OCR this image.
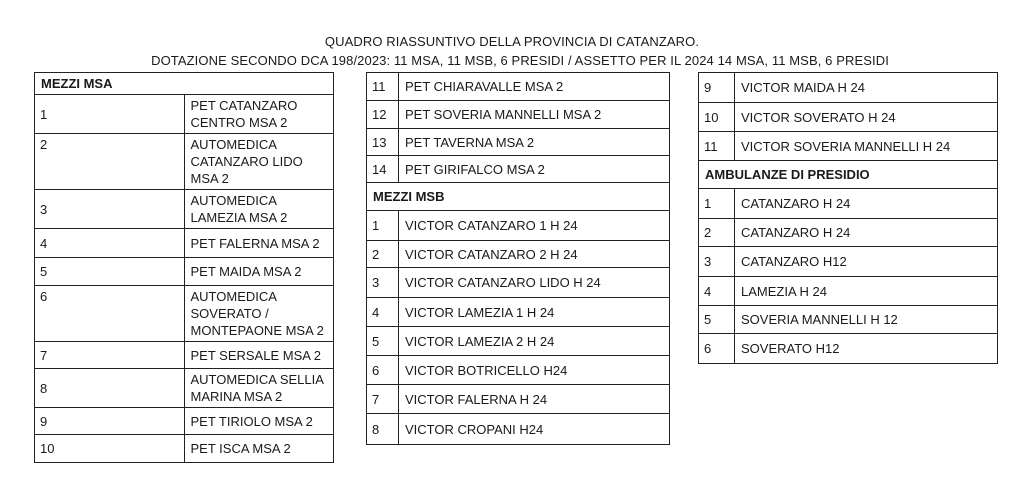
QUADRO RIASSUNTIVO DELLA PROVINCIA DI CATANZARO.
DOTAZIONE SECONDO DCA 198/2023: 11 MSA, 11 MSB, 6 PRESIDI / ASSETTO PER IL 2024 14 MSA, 11 MSB, 6 PRESIDI
MEZZI MSA	
1	PET CATANZARO CENTRO MSA 2
2	AUTOMEDICA CATANZARO LIDO MSA 2
3	AUTOMEDICA LAMEZIA MSA 2
4	PET FALERNA MSA 2
5	PET MAIDA MSA 2
6	AUTOMEDICA SOVERATO / MONTEPAONE MSA 2
7	PET SERSALE MSA 2
8	AUTOMEDICA SELLIA MARINA MSA 2
9	PET TIRIOLO MSA 2
10	PET ISCA MSA 2
11	PET CHIARAVALLE MSA 2
12	PET SOVERIA MANNELLI MSA 2
13	PET TAVERNA MSA 2
14	PET GIRIFALCO MSA 2
MEZZI MSB	
1	VICTOR CATANZARO 1 H 24
2	VICTOR CATANZARO 2 H 24
3	VICTOR CATANZARO LIDO H 24
4	VICTOR LAMEZIA 1 H 24
5	VICTOR LAMEZIA 2 H 24
6	VICTOR BOTRICELLO H24
7	VICTOR FALERNA H 24
8	VICTOR CROPANI H24
9	VICTOR MAIDA H 24
10	VICTOR SOVERATO H 24
11	VICTOR SOVERIA MANNELLI H 24
AMBULANZE DI PRESIDIO	
1	CATANZARO H 24
2	CATANZARO H 24
3	CATANZARO H12
4	LAMEZIA H 24
5	SOVERIA MANNELLI H 12
6	SOVERATO H12
